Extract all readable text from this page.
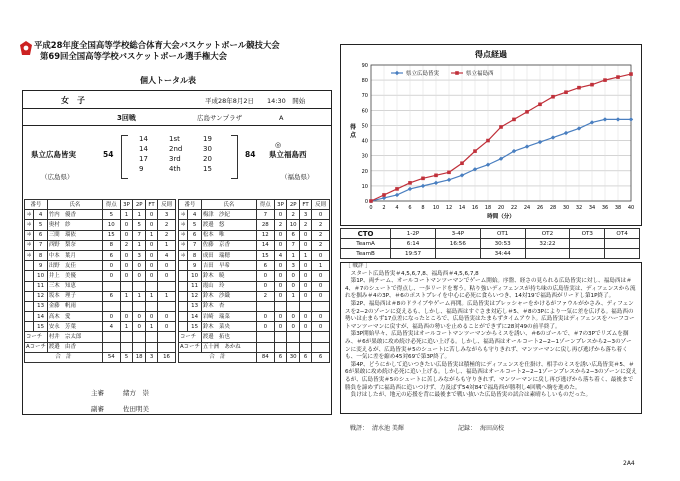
平成28年度全国高等学校総合体育大会バスケットボール競技大会
第69回全国高等学校バスケットボール選手権大会
個人トータル表
女　子	平成28年8月2日　　14:30　開始
3回戦	広島サンプラザ	A
県立広島皆実
（広島県）
54
14	1st	19
14	2nd	30
17	3rd	20
9	4th	15
◎
84 県立福島西
（福島県）
番号		氏名	得点	3P	2P	FT	反則
＊	4	竹内　優香	5	1	1	0	3
＊	5	奥村　紗	10	0	5	0	2
＊	6	三間　瑠依	15	0	7	1	2
＊	7	西野　梨奈	8	2	1	0	1
＊	8	中本　葉月	6	0	3	0	4
	9	出野　友佳	0	0	0	0	0
	10	井上　美優	0	0	0	0	0
	11	三木　知恵					
	12	坂本　理子	6	1	1	1	1
	13	金藤　帆雨					
	14	高木　愛	0	0	0	0	0
	15	安永　芳葉	4	1	0	1	0
コーチ		村井　宗太郎					
Aコーチ		渡邉　由香					
合　計			54	5	18	3	16
番号		氏名	得点	3P	2P	FT	反則
＊	4	梅津　沙紀	7	0	2	3	0
＊	5	渡邊　悠	28	2	10	2	2
＊	6	松本　唯	12	0	6	0	2
＊	7	佐藤　京香	14	0	7	0	2
＊	8	成田　瑞穂	15	4	1	1	0
	9	吉田　早希	6	0	3	0	1
	10	鈴木　暁	0	0	0	0	0
	11	霞山　玲	0	0	0	0	0
	12	鈴木　沙織	2	0	1	0	0
	13	鈴木　杏					
	14	岩崎　瑞菜	0	0	0	0	0
	15	鈴木　菜央	0	0	0	0	0
コーチ		渡邊　拓也					
Aコーチ		五十洲　あかね					
合　計			84	6	30	6	6
主審	緒方　崇
副審	佐田明美
得点経過
0
10
20
30
40
50
60
70
80
90
0 2 4 6 8 10 12 14 16 18 20 22 24 26 28 30 32 34 36 38 40
時間（分）
得
点
県立広島皆実	県立福島西
CTO	1-2P	3-4P	OT1	OT2	OT3	OT4
TeamA	6:14	16:56	30:53	32:22		
TeamB	19:57		34:44			

［ 戦評 ］

　スタート広島皆実＃4,5,6,7,8、福島西＃4,5,6,7,8

　第1P、両チーム、オールコートマンツーマンでゲーム開始。序盤、経さの見られる広島皆実に対し、福島西は＃4、＃7のシュートで得点し、一歩リードを奪う。粘り強いディフェンスが持ち味の広島皆実は、ディフェンスから流れを掴み＃4の3P、＃6のポストプレイを中心に必死に食らいつき、14対19で福島西がリードし第1P終了。

　第2P、福島西は＃8のドライブやゲーム再開。広島皆実はプレッシャーをかけるがファウルがかさみ、ディフェンスを2−2のゾーンに変えるも、しかし、福島西はすぐさま対応し＃5、＃8の3Pにより一気に差を広げる。福島西の勢いは止まらず17点差になったところで、広島皆実はたまらずタイムアウト。広島皆実はディフェンスをハーフコートマンツーマンに戻すが、福島西の勢いを止めることができずに28対49の前半終了。

　第3P開始早々、広島皆実はオールコートマンツーマンからミスを誘い、＃6のゴールで、＃7の3Pでリズムを掴み、＃6が果敢に攻め続け必死に追い上げる。しかし、福島西はオールコート2−2−1ゾーンプレスから2−3のゾーンに変えるが、広島皆実＃5のシュートに苦しみながらも守りきれず、マンツーマンに戻し再び逃げから落ち着くも、一気に差を縮め45対69で第3P終了。

　第4P、どうにかして追いつきたい広島皆実は積極的にディフェンスを仕掛け、相手のミスを誘い広島皆実＃5、＃6が果敢に攻め続け必死に追い上げる。しかし、福島西はオールコート2−2−1ゾーンプレスから2−3のゾーンに変えるが、広島皆実＃5のシュートに苦しみながらも守りきれず、マンツーマンに戻し再び逃げから落ち着く、最後まで勝負を諦めずに福島西に追いつけず、力及ばず54対84で福島西が勝利し4回戦へ駒を進めた。

　負けはしたが、地元の応援を背に最後まで戦い抜いた広島皆実の試合は素晴らしいものだった。

戦評： 清水池 美輝	記録： 海田高校
2A4
